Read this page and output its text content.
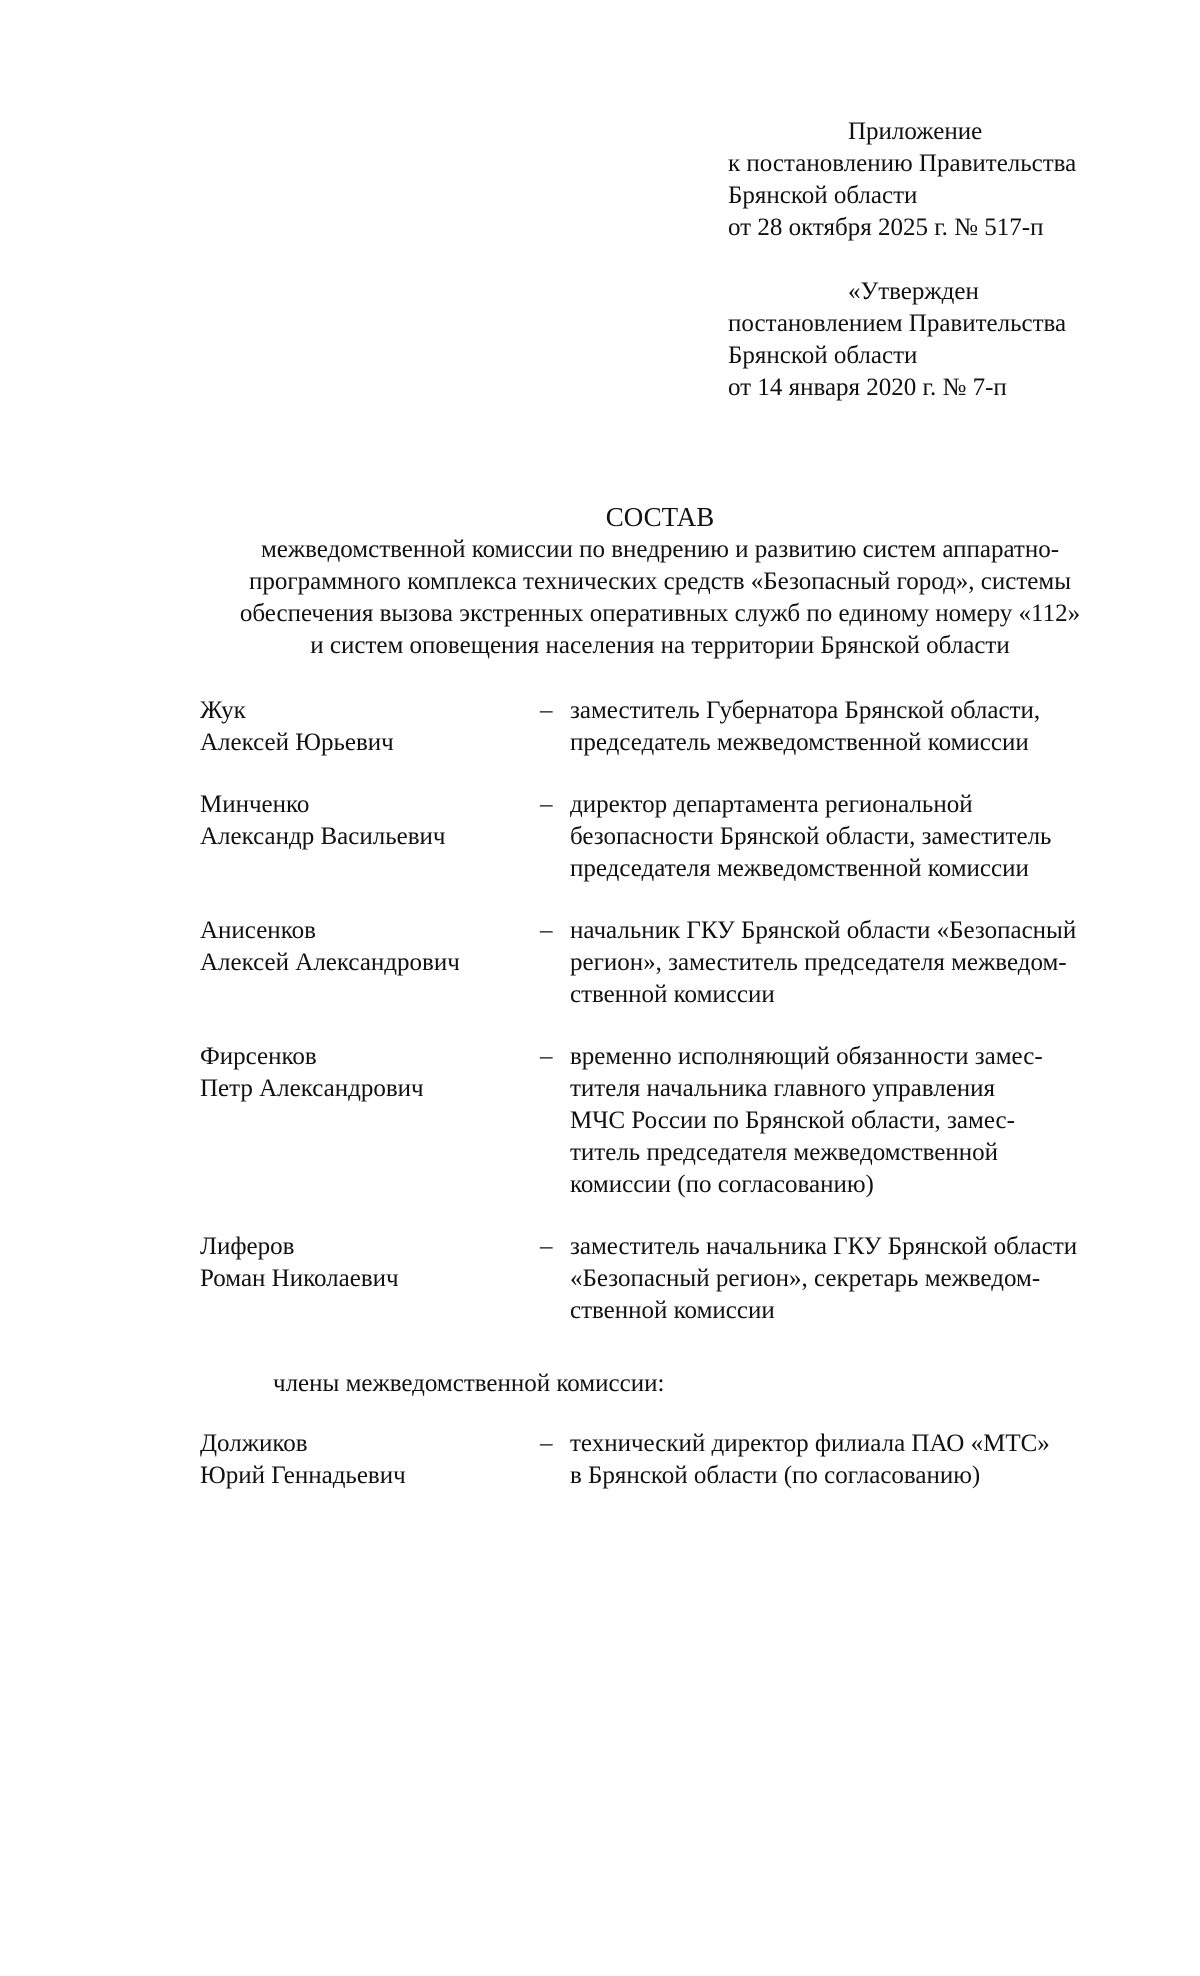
Приложение
к постановлению Правительства
Брянской области
от 28 октября 2025 г. № 517-п
«Утвержден
постановлением Правительства
Брянской области
от 14 января 2020 г. № 7-п
СОСТАВ
межведомственной комиссии по внедрению и развитию систем аппаратно-
программного комплекса технических средств «Безопасный город», системы
обеспечения вызова экстренных оперативных служб по единому номеру «112»
и систем оповещения населения на территории Брянской области
Жук
Алексей Юрьевич
– заместитель Губернатора Брянской области,
председатель межведомственной комиссии
Минченко
Александр Васильевич
– директор департамента региональной
безопасности Брянской области, заместитель
председателя межведомственной комиссии
Анисенков
Алексей Александрович
– начальник ГКУ Брянской области «Безопасный
регион», заместитель председателя межведом-
ственной комиссии
Фирсенков
Петр Александрович
– временно исполняющий обязанности замес-
тителя начальника главного управления
МЧС России по Брянской области, замес-
титель председателя межведомственной
комиссии (по согласованию)
Лиферов
Роман Николаевич
– заместитель начальника ГКУ Брянской области
«Безопасный регион», секретарь межведом-
ственной комиссии
члены межведомственной комиссии:
Должиков
Юрий Геннадьевич
– технический директор филиала ПАО «МТС»
в Брянской области (по согласованию)
